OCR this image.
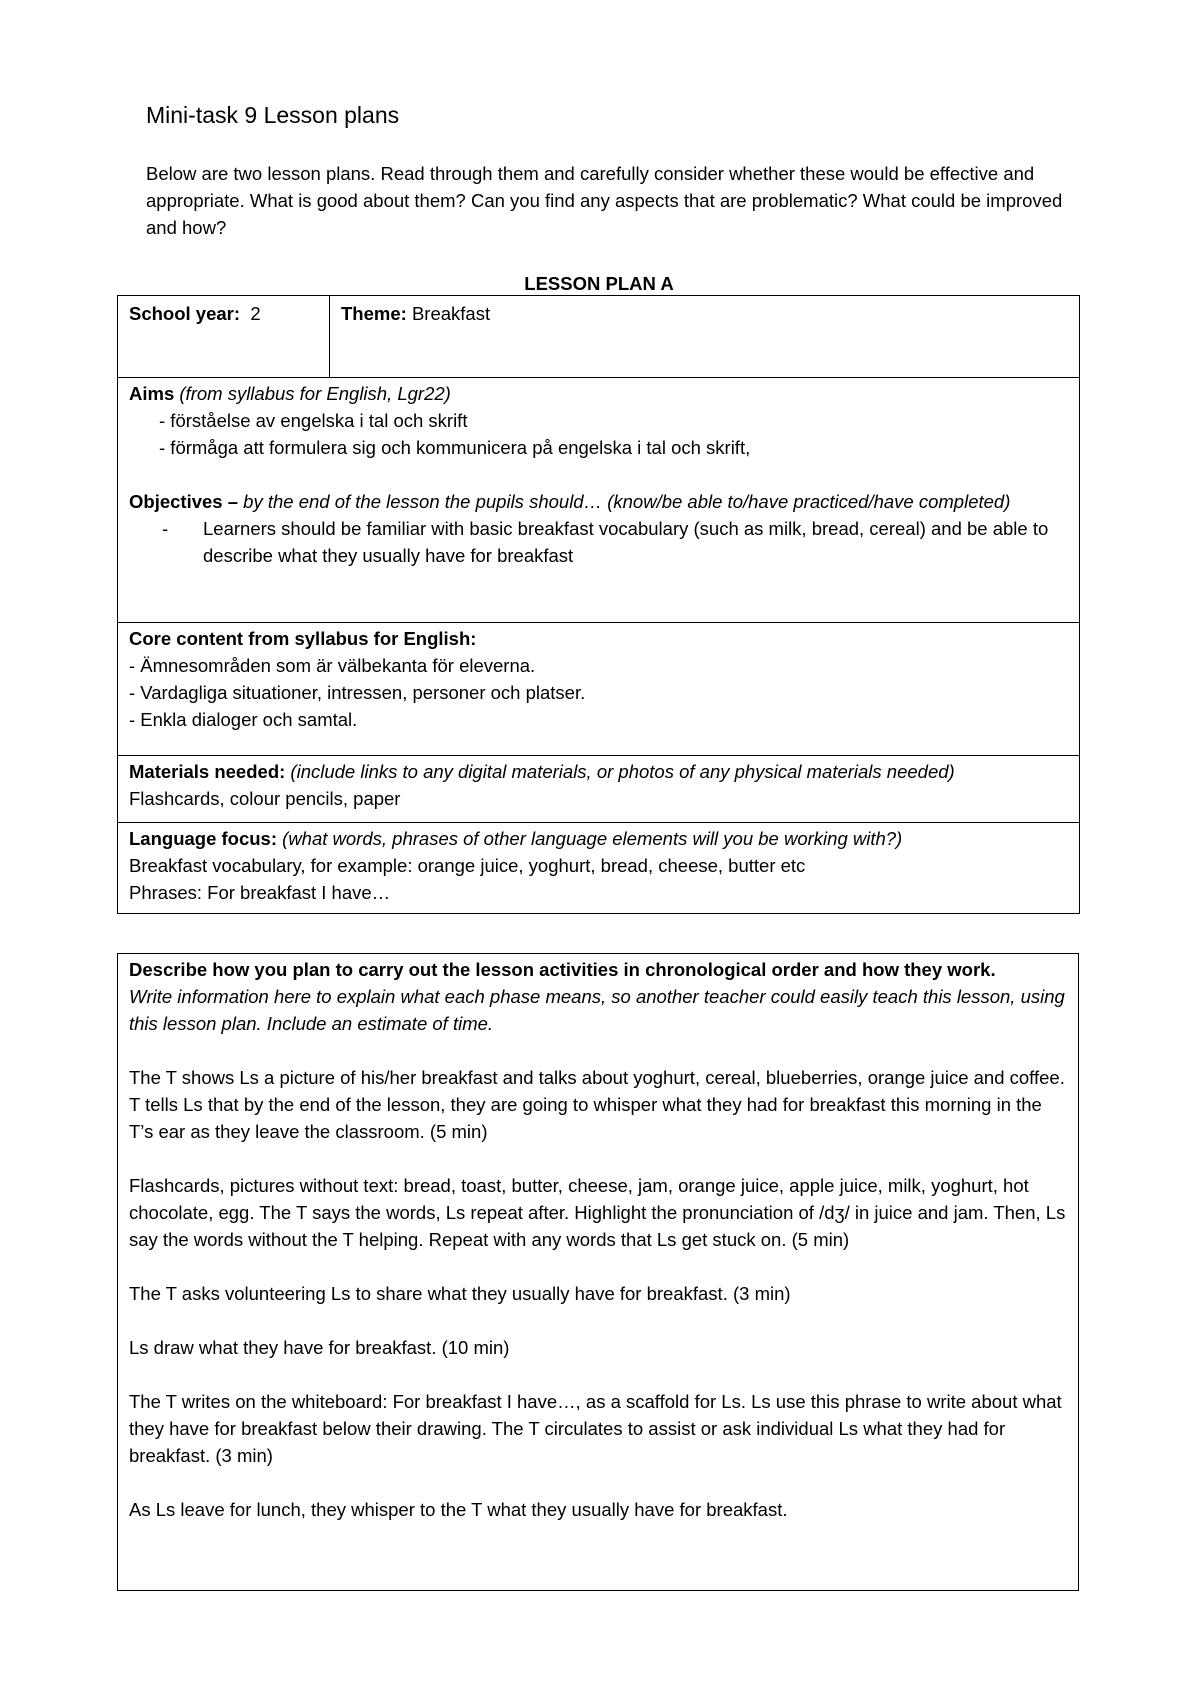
Mini-task 9 Lesson plans
Below are two lesson plans. Read through them and carefully consider whether these would be effective and appropriate. What is good about them? Can you find any aspects that are problematic? What could be improved and how?
LESSON PLAN A
School year: 2	Theme: Breakfast

Aims (from syllabus for English, Lgr22)
- förståelse av engelska i tal och skrift
- förmåga att formulera sig och kommunicera på engelska i tal och skrift,
Objectives – by the end of the lesson the pupils should… (know/be able to/have practiced/have completed)
-	Learners should be familiar with basic breakfast vocabulary (such as milk, bread, cereal) and be able to describe what they usually have for breakfast

Core content from syllabus for English:
- Ämnesområden som är välbekanta för eleverna.
- Vardagliga situationer, intressen, personer och platser.
- Enkla dialoger och samtal.

Materials needed: (include links to any digital materials, or photos of any physical materials needed)
Flashcards, colour pencils, paper

Language focus: (what words, phrases of other language elements will you be working with?)
Breakfast vocabulary, for example: orange juice, yoghurt, bread, cheese, butter etc
Phrases: For breakfast I have…

Describe how you plan to carry out the lesson activities in chronological order and how they work.

Write information here to explain what each phase means, so another teacher could easily teach this lesson, using this lesson plan. Include an estimate of time.

The T shows Ls a picture of his/her breakfast and talks about yoghurt, cereal, blueberries, orange juice and coffee. T tells Ls that by the end of the lesson, they are going to whisper what they had for breakfast this morning in the T’s ear as they leave the classroom. (5 min)

Flashcards, pictures without text: bread, toast, butter, cheese, jam, orange juice, apple juice, milk, yoghurt, hot chocolate, egg. The T says the words, Ls repeat after. Highlight the pronunciation of /dʒ/ in juice and jam. Then, Ls say the words without the T helping. Repeat with any words that Ls get stuck on. (5 min)

The T asks volunteering Ls to share what they usually have for breakfast. (3 min)

Ls draw what they have for breakfast. (10 min)

The T writes on the whiteboard: For breakfast I have…, as a scaffold for Ls. Ls use this phrase to write about what they have for breakfast below their drawing. The T circulates to assist or ask individual Ls what they had for breakfast. (3 min)

As Ls leave for lunch, they whisper to the T what they usually have for breakfast.
